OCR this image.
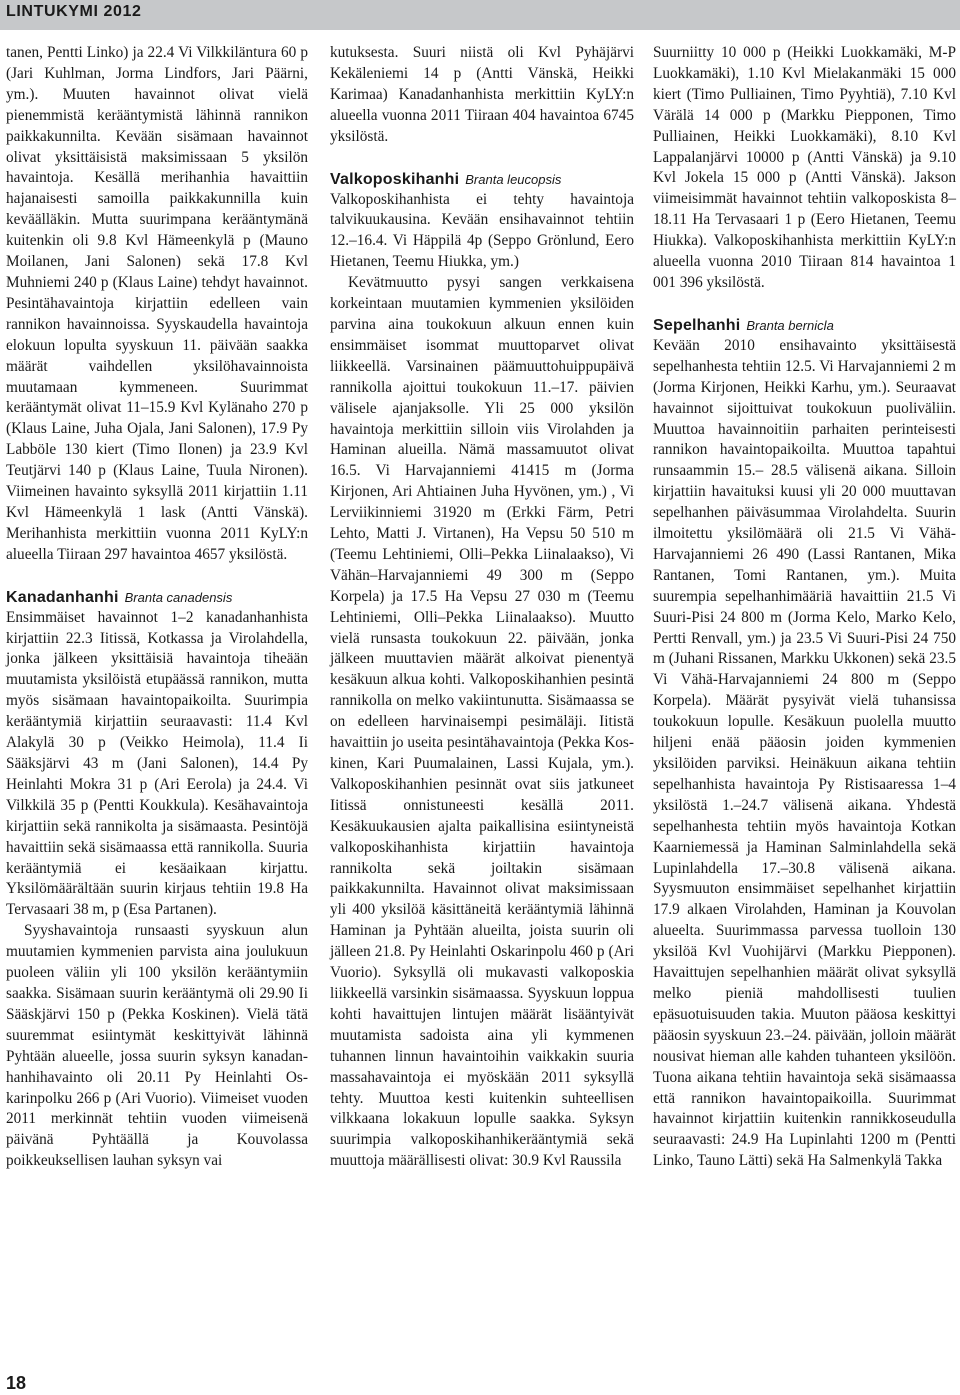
LINTUKYMI 2012

tanen, Pentti Linko) ja 22.4 Vi Vilkkiläntura 60 p (Jari Kuhlman, Jorma Lindfors, Jari Päärni, ym.). Muuten havainnot olivat vielä pienemmistä kerääntymistä lähinnä rannikon paikkakunnilta. Kevään sisämaan havainnot olivat yksittäisistä maksimissaan 5 yksilön havaintoja. Kesällä merihanhia havaittiin hajanaisesti samoilla paikkakunnilla kuin keväälläkin. Mutta suurimpana kerääntymänä kuitenkin oli 9.8 Kvl Hämeenkylä p (Mauno Moilanen, Jani Salonen) sekä 17.8 Kvl Muhniemi 240 p (Klaus Laine) tehdyt havainnot. Pesintähavaintoja kirjattiin edelleen vain rannikon havainnoissa. Syyskaudella havaintoja elokuun lopulta syyskuun 11. päivään saakka määrät vaihdellen yksilöhavainnoista muutamaan kymmeneen. Suurimmat kerääntymät olivat 11–15.9 Kvl Kylänaho 270 p (Klaus Laine, Juha Ojala, Jani Salonen), 17.9 Py Labböle 130 kiert (Timo Ilonen) ja 23.9 Kvl Teutjärvi 140 p (Klaus Laine, Tuula Nironen). Viimeinen havainto syksyllä 2011 kirjattiin 1.11 Kvl Hämeenkylä 1 lask (Antti Vänskä). Merihanhista merkittiin vuonna 2011 KyLY:n alueella Tiiraan 297 havaintoa 4657 yksilöstä.

Kanadanhanhi Branta canadensis

Ensimmäiset havainnot 1–2 kanadanhanhista kirjattiin 22.3 Iitissä, Kotkassa ja Virolahdella, jonka jälkeen yksittäisiä havaintoja tiheään muutamista yksilöistä etupäässä rannikon, mutta myös sisämaan havaintopaikoilta. Suurimpia kerääntymiä kirjattiin seuraavasti: 11.4 Kvl Alakylä 30 p (Veikko Heimola), 11.4 Ii Sääksjärvi 43 m (Jani Salonen), 14.4 Py Heinlahti Mokra 31 p (Ari Eerola) ja 24.4. Vi Vilkkilä 35 p (Pentti Koukkula). Kesähavaintoja kirjattiin sekä rannikolta ja sisämaasta. Pesintöjä havaittiin sekä sisämaassa että rannikolla. Suuria kerääntymiä ei kesäaikaan kirjattu. Yksilömäärältään suurin kirjaus tehtiin 19.8 Ha Tervasaari 38 m, p (Esa Partanen).

Syyshavaintoja runsaasti syyskuun alun muutamien kymmenien parvista aina joulukuun puoleen väliin yli 100 yksilön kerääntymiin saakka. Sisämaan suurin kerääntymä oli 29.90 Ii Sääskjärvi 150 p (Pekka Koskinen). Vielä tätä suuremmat esiintymät keskittyivät lähinnä Pyhtään alueelle, jossa suurin syksyn kanadanhanhihavainto oli 20.11 Py Heinlahti Oskarinpolku 266 p (Ari Vuorio). Viimeiset vuoden 2011 merkinnät tehtiin vuoden viimeisenä päivänä Pyhtäällä ja Kouvolassa poikkeuksellisen lauhan syksyn vai

kutuksesta. Suuri niistä oli Kvl Pyhäjärvi Kekäleniemi 14 p (Antti Vänskä, Heikki Karimaa) Kanadanhanhista merkittiin KyLY:n alueella vuonna 2011 Tiiraan 404 havaintoa 6745 yksilöstä.

Valkoposkihanhi Branta leucopsis

Valkoposkihanhista ei tehty havaintoja talvikuukausina. Kevään ensihavainnot tehtiin 12.–16.4. Vi Häppilä 4p (Seppo Grönlund, Eero Hietanen, Teemu Hiukka, ym.)

Kevätmuutto pysyi sangen verkkaisena korkeintaan muutamien kymmenien yksilöiden parvina aina toukokuun alkuun ennen kuin ensimmäiset isommat muuttoparvet olivat liikkeellä. Varsinainen päämuuttohuippupäivä rannikolla ajoittui toukokuun 11.–17. päivien välisele ajanjaksolle. Yli 25 000 yksilön havaintoja merkittiin silloin viis Virolahden ja Haminan alueilla. Nämä massamuutot olivat 16.5. Vi Harvajanniemi 41415 m (Jorma Kirjonen, Ari Ahtiainen Juha Hyvönen, ym.) , Vi Lerviikinniemi 31920 m (Erkki Färm, Petri Lehto, Matti J. Virtanen), Ha Vepsu 50 510 m (Teemu Lehtiniemi, Olli–Pekka Liinalaakso), Vi Vähän–Harvajanniemi 49 300 m (Seppo Korpela) ja 17.5 Ha Vepsu 27 030 m (Teemu Lehtiniemi, Olli–Pekka Liinalaakso). Muutto vielä runsasta toukokuun 22. päivään, jonka jälkeen muuttavien määrät alkoivat pienentyä kesäkuun alkua kohti. Valkoposkihanhien pesintä rannikolla on melko vakiintunutta. Sisämaassa se on edelleen harvinaisempi pesimäläji. Iitistä havaittiin jo useita pesintähavaintoja (Pekka Koskinen, Kari Puumalainen, Lassi Kujala, ym.). Valkoposkihanhien pesinnät ovat siis jatkuneet Iitissä onnistuneesti kesällä 2011. Kesäkuukausien ajalta paikallisina esiintyneistä valkoposkihanhista kirjattiin havaintoja rannikolta sekä joiltakin sisämaan paikkakunnilta. Havainnot olivat maksimissaan yli 400 yksilöä käsittäneitä kerääntymiä lähinnä Haminan ja Pyhtään alueilta, joista suurin oli jälleen 21.8. Py Heinlahti Oskarinpolu 460 p (Ari Vuorio). Syksyllä oli mukavasti valkoposkia liikkeellä varsinkin sisämaassa. Syyskuun loppua kohti havaittujen lintujen määrät lisääntyivät muutamista sadoista aina yli kymmenen tuhannen linnun havaintoihin vaikkakin suuria massahavaintoja ei myöskään 2011 syksyllä tehty. Muuttoa kesti kuitenkin suhteellisen vilkkaana lokakuun lopulle saakka. Syksyn suurimpia valkoposkihanhikerääntymiä sekä muuttoja määrällisesti olivat: 30.9 Kvl Raussila

Suurniitty 10 000 p (Heikki Luokkamäki, M-P Luokkamäki), 1.10 Kvl Mielakanmäki 15 000 kiert (Timo Pulliainen, Timo Pyyhtiä), 7.10 Kvl Värälä 14 000 p (Markku Piepponen, Timo Pulliainen, Heikki Luokkamäki), 8.10 Kvl Lappalanjärvi 10000 p (Antti Vänskä) ja 9.10 Kvl Jokela 15 000 p (Antti Vänskä). Jakson viimeisimmät havainnot tehtiin valkoposkista 8–18.11 Ha Tervasaari 1 p (Eero Hietanen, Teemu Hiukka). Valkoposkihanhista merkittiin KyLY:n alueella vuonna 2010 Tiiraan 814 havaintoa 1 001 396 yksilöstä.

Sepelhanhi Branta bernicla

Kevään 2010 ensihavainto yksittäisestä sepelhanhesta tehtiin 12.5. Vi Harvajanniemi 2 m (Jorma Kirjonen, Heikki Karhu, ym.). Seuraavat havainnot sijoittuivat toukokuun puoliväliin. Muuttoa havainnoitiin parhaiten perinteisesti rannikon havaintopaikoilta. Muuttoa tapahtui runsaammin 15.– 28.5 välisenä aikana. Silloin kirjattiin havaituksi kuusi yli 20 000 muuttavan sepelhanhen päiväsummaa Virolahdelta. Suurin ilmoitettu yksilömäärä oli 21.5 Vi Vähä-Harvajanniemi 26 490 (Lassi Rantanen, Mika Rantanen, Tomi Rantanen, ym.). Muita suurempia sepelhanhimääriä havaittiin 21.5 Vi Suuri-Pisi 24 800 m (Jorma Kelo, Marko Kelo, Pertti Renvall, ym.) ja 23.5 Vi Suuri-Pisi 24 750 m (Juhani Rissanen, Markku Ukkonen) sekä 23.5 Vi Vähä-Harvajanniemi 24 800 m (Seppo Korpela). Määrät pysyivät vielä tuhansissa toukokuun lopulle. Kesäkuun puolella muutto hiljeni enää pääosin joiden kymmenien yksilöiden parviksi. Heinäkuun aikana tehtiin sepelhanhista havaintoja Py Ristisaaressa 1–4 yksilöstä 1.–24.7 välisenä aikana. Yhdestä sepelhanhesta tehtiin myös havaintoja Kotkan Kaarniemessä ja Haminan Salminlahdella sekä Lupinlahdella 17.–30.8 välisenä aikana. Syysmuuton ensimmäiset sepelhanhet kirjattiin 17.9 alkaen Virolahden, Haminan ja Kouvolan alueelta. Suurimmassa parvessa tuolloin 130 yksilöä Kvl Vuohijärvi (Markku Piepponen). Havaittujen sepelhanhien määrät olivat syksyllä melko pieniä mahdollisesti tuulien epäsuotuisuuden takia. Muuton pääosa keskittyi pääosin syyskuun 23.–24. päivään, jolloin määrät nousivat hieman alle kahden tuhanteen yksilöön. Tuona aikana tehtiin havaintoja sekä sisämaassa että rannikon havaintopaikoilla. Suurimmat havainnot kirjattiin kuitenkin rannikkoseudulla seuraavasti: 24.9 Ha Lupinlahti 1200 m (Pentti Linko, Tauno Lätti) sekä Ha Salmenkylä Takka

18
